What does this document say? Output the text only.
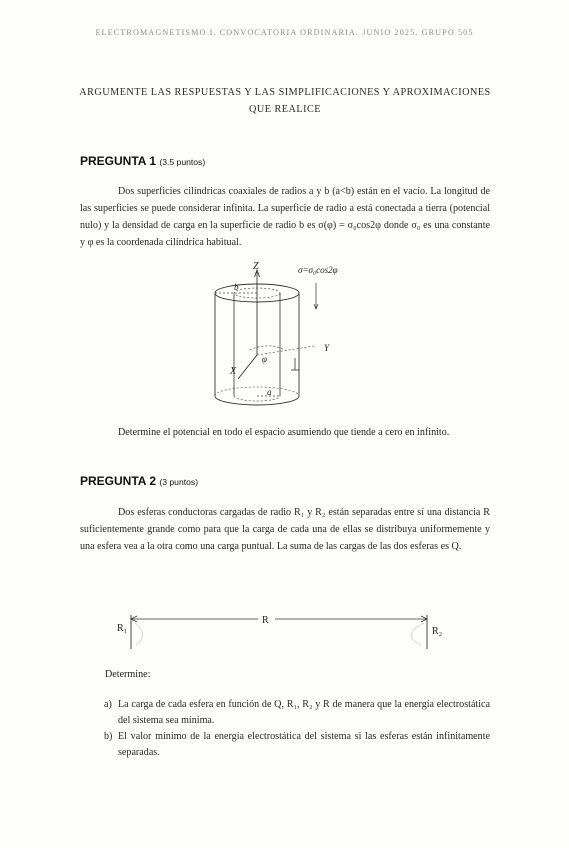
ELECTROMAGNETISMO I. CONVOCATORIA ORDINARIA. JUNIO 2025. GRUPO 505
ARGUMENTE LAS RESPUESTAS Y LAS SIMPLIFICACIONES Y APROXIMACIONES
QUE REALICE
PREGUNTA 1 (3.5 puntos)
Dos superficies cilíndricas coaxiales de radios a y b (a<b) están en el vacío. La longitud de las superficies se puede considerar infinita. La superficie de radio a está conectada a tierra (potencial nulo) y la densidad de carga en la superficie de radio b es σ(φ) = σ₀cos2φ donde σ₀ es una constante y φ es la coordenada cilíndrica habitual.
Z	σ=σ₀cos2φ
b
φ
X
Y
a
Determine el potencial en todo el espacio asumiendo que tiende a cero en infinito.
PREGUNTA 2 (3 puntos)
Dos esferas conductoras cargadas de radio R₁ y R₂ están separadas entre sí una distancia R suficientemente grande como para que la carga de cada una de ellas se distribuya uniformemente y una esfera vea a la otra como una carga puntual. La suma de las cargas de las dos esferas es Q.
R₁
R
R₂
Determine:
a) La carga de cada esfera en función de Q, R₁, R₂ y R de manera que la energía electrostática del sistema sea mínima.
b) El valor mínimo de la energía electrostática del sistema si las esferas están infinitamente separadas.
